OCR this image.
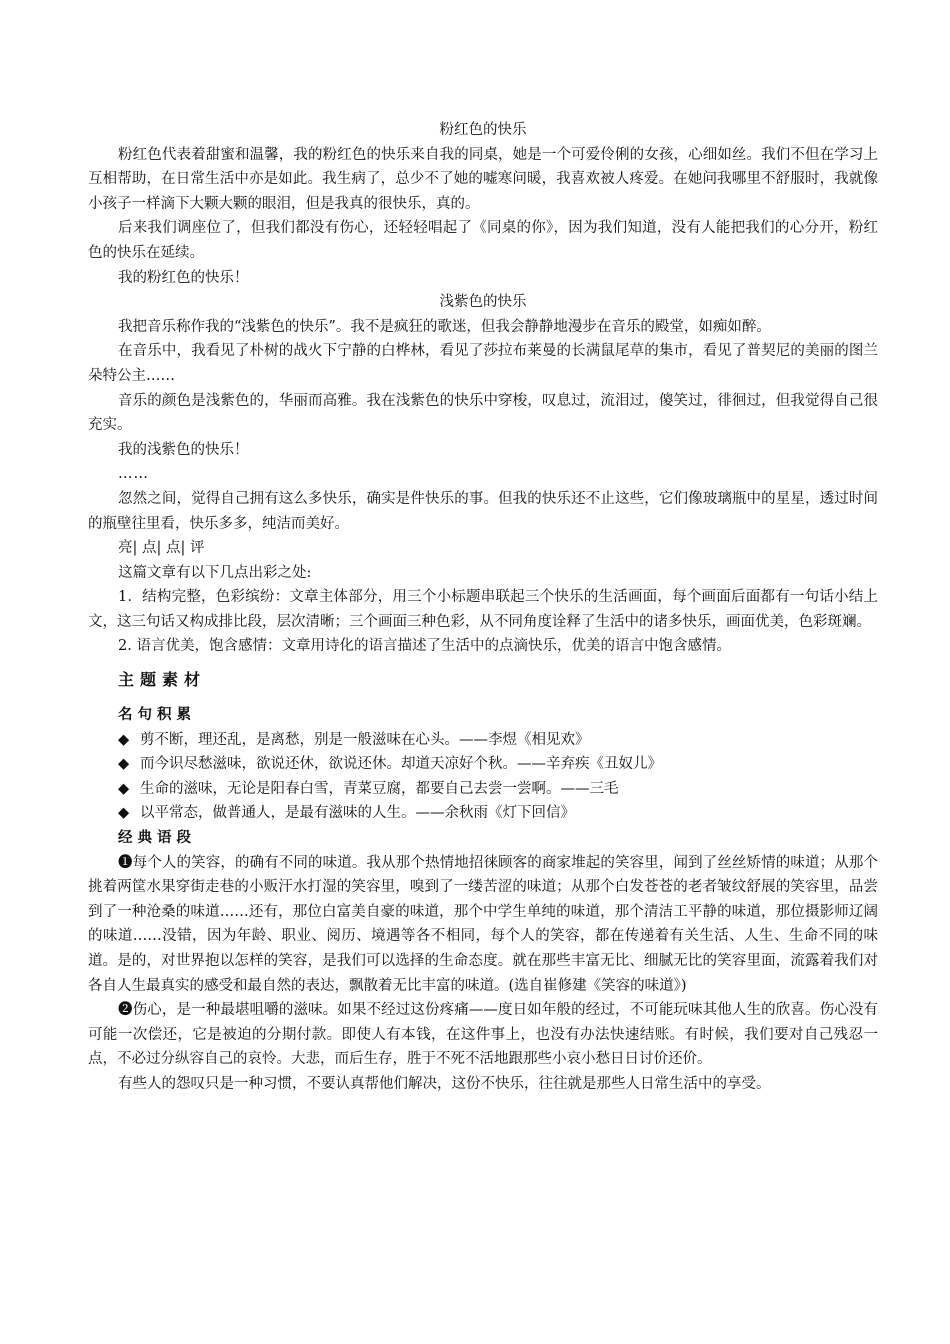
粉红色的快乐

粉红色代表着甜蜜和温馨，我的粉红色的快乐来自我的同桌，她是一个可爱伶俐的女孩，心细如丝。我们不但在学习上互相帮助，在日常生活中亦是如此。我生病了，总少不了她的嘘寒问暖，我喜欢被人疼爱。在她问我哪里不舒服时，我就像小孩子一样滴下大颗大颗的眼泪，但是我真的很快乐，真的。

后来我们调座位了，但我们都没有伤心，还轻轻唱起了《同桌的你》，因为我们知道，没有人能把我们的心分开，粉红色的快乐在延续。

我的粉红色的快乐！

浅紫色的快乐

我把音乐称作我的“浅紫色的快乐”。我不是疯狂的歌迷，但我会静静地漫步在音乐的殿堂，如痴如醉。

在音乐中，我看见了朴树的战火下宁静的白桦林，看见了莎拉布莱曼的长满鼠尾草的集市，看见了普契尼的美丽的图兰朵特公主……

音乐的颜色是浅紫色的，华丽而高雅。我在浅紫色的快乐中穿梭，叹息过，流泪过，傻笑过，徘徊过，但我觉得自己很充实。

我的浅紫色的快乐！

……

忽然之间，觉得自己拥有这么多快乐，确实是件快乐的事。但我的快乐还不止这些，它们像玻璃瓶中的星星，透过时间的瓶壁往里看，快乐多多，纯洁而美好。

亮| 点| 点| 评

这篇文章有以下几点出彩之处:

1．结构完整，色彩缤纷：文章主体部分，用三个小标题串联起三个快乐的生活画面，每个画面后面都有一句话小结上文，这三句话又构成排比段，层次清晰；三个画面三种色彩，从不同角度诠释了生活中的诸多快乐，画面优美，色彩斑斓。

2. 语言优美，饱含感情：文章用诗化的语言描述了生活中的点滴快乐，优美的语言中饱含感情。

主题素材
名句积累

◆ 剪不断，理还乱，是离愁，别是一般滋味在心头。——李煜《相见欢》

◆ 而今识尽愁滋味，欲说还休，欲说还休。却道天凉好个秋。——辛弃疾《丑奴儿》

◆ 生命的滋味，无论是阳春白雪，青菜豆腐，都要自己去尝一尝啊。——三毛

◆ 以平常态，做普通人，是最有滋味的人生。——余秋雨《灯下回信》

经典语段

❶每个人的笑容，的确有不同的味道。我从那个热情地招徕顾客的商家堆起的笑容里，闻到了丝丝矫情的味道；从那个挑着两筐水果穿街走巷的小贩汗水打湿的笑容里，嗅到了一缕苦涩的味道；从那个白发苍苍的老者皱纹舒展的笑容里，品尝到了一种沧桑的味道……还有，那位白富美自豪的味道，那个中学生单纯的味道，那个清洁工平静的味道，那位摄影师辽阔的味道……没错，因为年龄、职业、阅历、境遇等各不相同，每个人的笑容，都在传递着有关生活、人生、生命不同的味道。是的，对世界抱以怎样的笑容，是我们可以选择的生命态度。就在那些丰富无比、细腻无比的笑容里面，流露着我们对各自人生最真实的感受和最自然的表达，飘散着无比丰富的味道。(选自崔修建《笑容的味道》)

❷伤心，是一种最堪咀嚼的滋味。如果不经过这份疼痛——度日如年般的经过，不可能玩味其他人生的欣喜。伤心没有可能一次偿还，它是被迫的分期付款。即使人有本钱，在这件事上，也没有办法快速结账。有时候，我们要对自己残忍一点，不必过分纵容自己的哀怜。大悲，而后生存，胜于不死不活地跟那些小哀小愁日日讨价还价。

有些人的怨叹只是一种习惯，不要认真帮他们解决，这份不快乐，往往就是那些人日常生活中的享受。
